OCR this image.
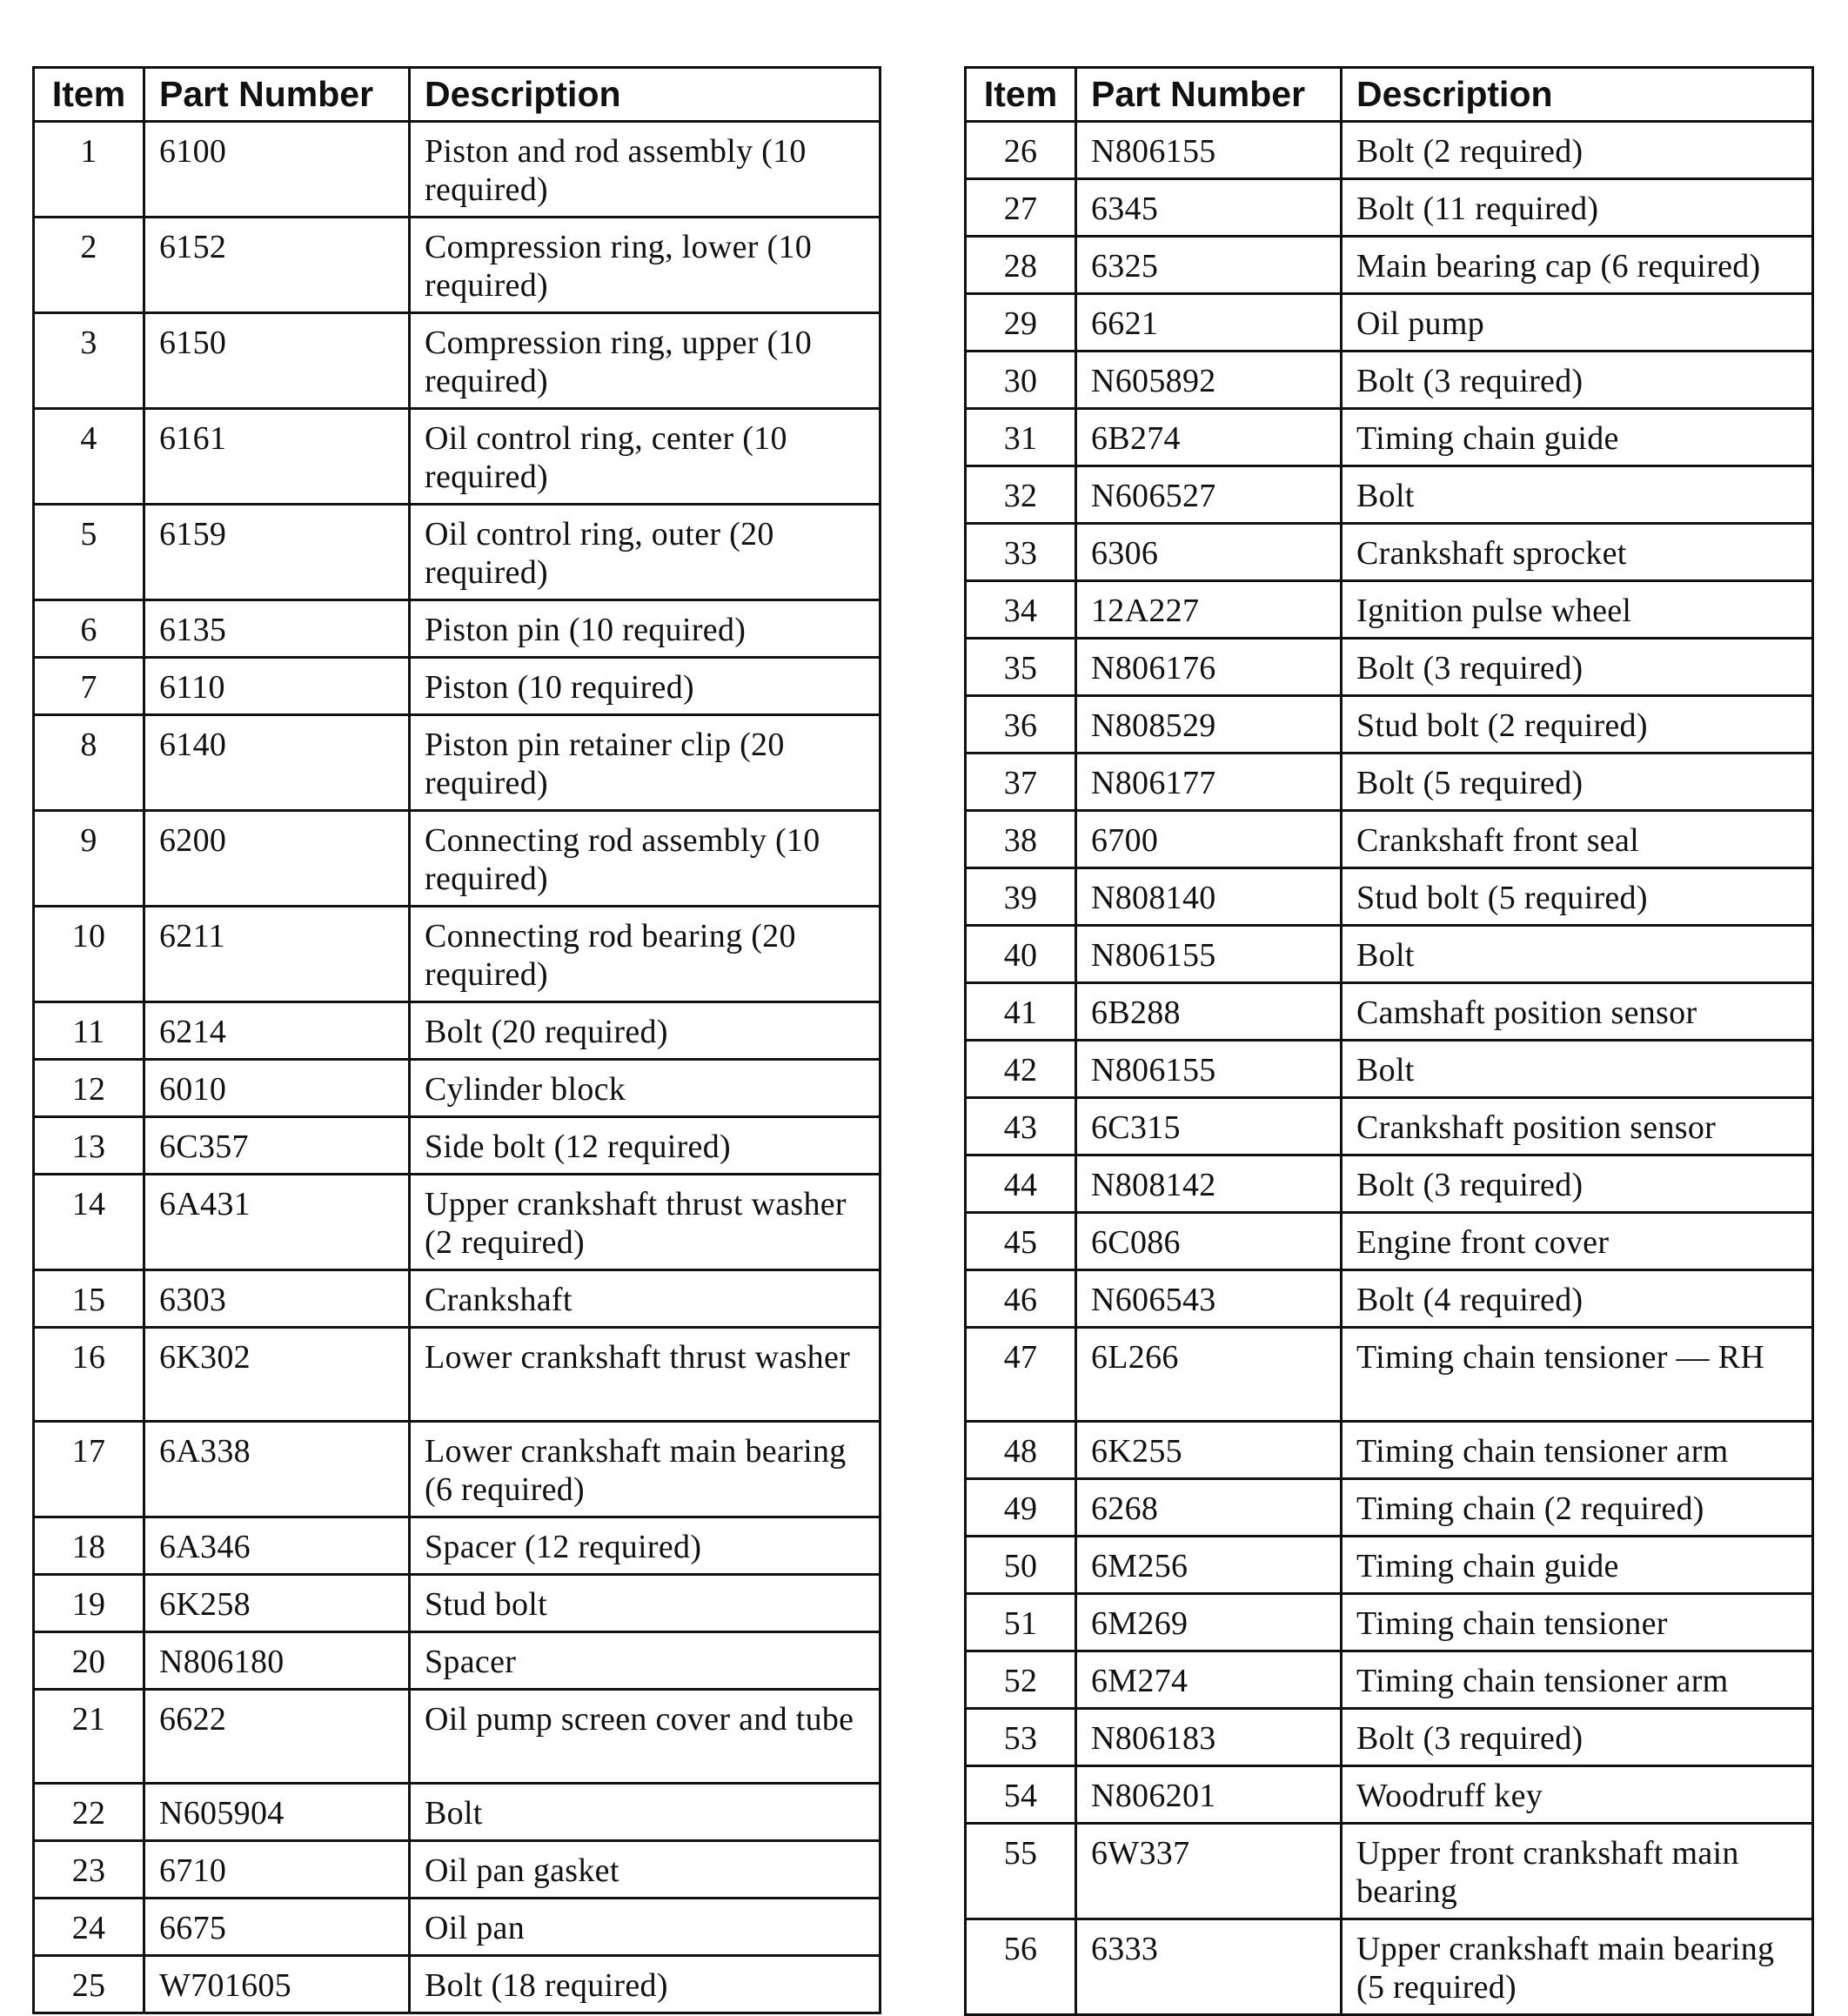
Item	Part Number	Description
1	6100	Piston and rod assembly (10 required)
2	6152	Compression ring, lower (10 required)
3	6150	Compression ring, upper (10 required)
4	6161	Oil control ring, center (10 required)
5	6159	Oil control ring, outer (20 required)
6	6135	Piston pin (10 required)
7	6110	Piston (10 required)
8	6140	Piston pin retainer clip (20 required)
9	6200	Connecting rod assembly (10 required)
10	6211	Connecting rod bearing (20 required)
11	6214	Bolt (20 required)
12	6010	Cylinder block
13	6C357	Side bolt (12 required)
14	6A431	Upper crankshaft thrust washer (2 required)
15	6303	Crankshaft
16	6K302	Lower crankshaft thrust washer
17	6A338	Lower crankshaft main bearing (6 required)
18	6A346	Spacer (12 required)
19	6K258	Stud bolt
20	N806180	Spacer
21	6622	Oil pump screen cover and tube
22	N605904	Bolt
23	6710	Oil pan gasket
24	6675	Oil pan
25	W701605	Bolt (18 required)
Item	Part Number	Description
26	N806155	Bolt (2 required)
27	6345	Bolt (11 required)
28	6325	Main bearing cap (6 required)
29	6621	Oil pump
30	N605892	Bolt (3 required)
31	6B274	Timing chain guide
32	N606527	Bolt
33	6306	Crankshaft sprocket
34	12A227	Ignition pulse wheel
35	N806176	Bolt (3 required)
36	N808529	Stud bolt (2 required)
37	N806177	Bolt (5 required)
38	6700	Crankshaft front seal
39	N808140	Stud bolt (5 required)
40	N806155	Bolt
41	6B288	Camshaft position sensor
42	N806155	Bolt
43	6C315	Crankshaft position sensor
44	N808142	Bolt (3 required)
45	6C086	Engine front cover
46	N606543	Bolt (4 required)
47	6L266	Timing chain tensioner — RH
48	6K255	Timing chain tensioner arm
49	6268	Timing chain (2 required)
50	6M256	Timing chain guide
51	6M269	Timing chain tensioner
52	6M274	Timing chain tensioner arm
53	N806183	Bolt (3 required)
54	N806201	Woodruff key
55	6W337	Upper front crankshaft main bearing
56	6333	Upper crankshaft main bearing (5 required)
